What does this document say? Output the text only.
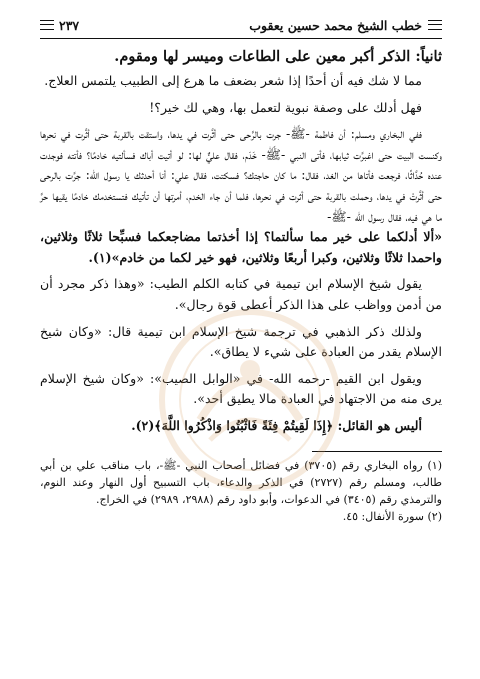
خطب الشيخ محمد حسين يعقوب
٢٣٧
ثانياً: الذكر أكبر معين على الطاعات وميسر لها ومقوم.

مما لا شك فيه أن أحدًا إذا شعر بضعف ما هرع إلى الطبيب يلتمس العلاج.

فهل أدلك على وصفة نبوية لتعمل بها، وهي لك خير؟!

ففي البخاري ومسلم: أن فاطمة -ﷺ- جرت بالرَّحى حتى أثَّرت في يدها، واستقت بالقربة حتى أثَّرت في نحرها وكنست البيت حتى اغبرَّت ثيابها، فأتى النبي -ﷺ- خَدَم، فقال عليٌّ لها: لو أتيت أباك فسألتيه خادمًا؟ فأتته فوجدت عنده حُدَّاثًا، فرجعت فأتاها من الغد، فقال: ما كان حاجتك؟ فسكتت، فقال علي: أنا أحدثك يا رسول الله: جرَّت بالرحى حتى أثَّرتْ في يدها، وحملت بالقربة حتى أثرت في نحرها، فلما أن جاء الخدم، أمرتها أن تأتيك فتستخدمك خادمًا يقيها حرَّ ما هي فيه، فقال رسول الله -ﷺ-

«ألا أدلكما على خير مما سألتما؟ إذا أخذتما مضاجعكما فسبِّحا ثلاثًا وثلاثين، واحمدا ثلاثًا وثلاثين، وكبرا أربعًا وثلاثين، فهو خير لكما من خادم»(١).

يقول شيخ الإسلام ابن تيمية في كتابه الكلم الطيب: «وهذا ذكر مجرد أن من أدمن وواظب على هذا الذكر أعطى قوة رجال».

ولذلك ذكر الذهبي في ترجمة شيخ الإسلام ابن تيمية قال: «وكان شيخ الإسلام يقدر من العبادة على شيء لا يطاق».

ويقول ابن القيم -رحمه الله- في «الوابل الصيب»: «وكان شيخ الإسلام يرى منه من الاجتهاد في العبادة مالا يطيق أحد».

أليس هو القائل: ﴿إِذَا لَقِيتُمْ فِئَةً فَاثْبُتُوا وَاذْكُرُوا اللَّهَ﴾(٢).

(١) رواه البخاري رقم (٣٧٠٥) في فضائل أصحاب النبي -ﷺ-، باب مناقب علي بن أبي طالب، ومسلم رقم (٢٧٢٧) في الذكر والدعاء، باب التسبيح أول النهار وعند النوم، والترمذي رقم (٣٤٠٥) في الدعوات، وأبو داود رقم (٢٩٨٨، ٢٩٨٩) في الخراج.

(٢) سورة الأنفال: ٤٥.
